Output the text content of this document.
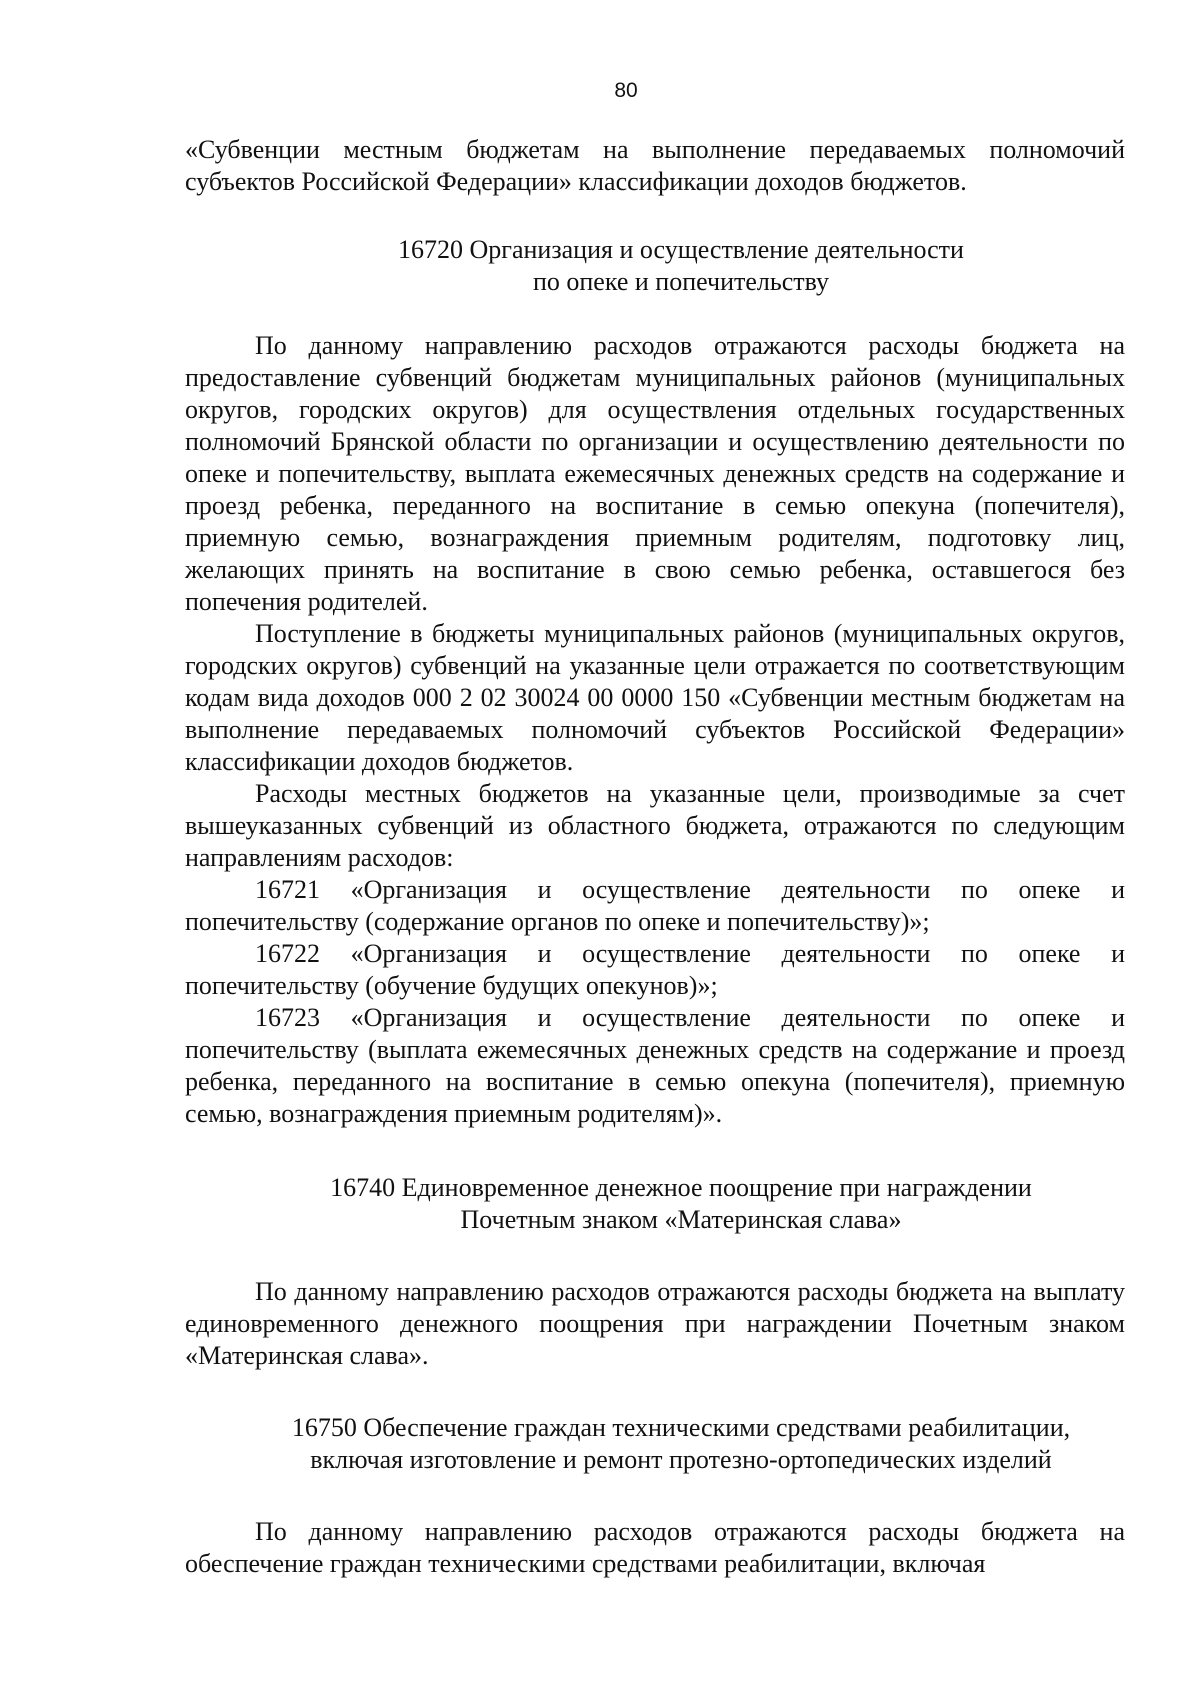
80

«Субвенции местным бюджетам на выполнение передаваемых полномочий субъектов Российской Федерации» классификации доходов бюджетов.

16720 Организация и осуществление деятельности

по опеке и попечительству

По данному направлению расходов отражаются расходы бюджета на предоставление субвенций бюджетам муниципальных районов (муниципальных округов, городских округов) для осуществления отдельных государственных полномочий Брянской области по организации и осуществлению деятельности по опеке и попечительству, выплата ежемесячных денежных средств на содержание и проезд ребенка, переданного на воспитание в семью опекуна (попечителя), приемную семью, вознаграждения приемным родителям, подготовку лиц, желающих принять на воспитание в свою семью ребенка, оставшегося без попечения родителей.

Поступление в бюджеты муниципальных районов (муниципальных округов, городских округов) субвенций на указанные цели отражается по соответствующим кодам вида доходов 000 2 02 30024 00 0000 150 «Субвенции местным бюджетам на выполнение передаваемых полномочий субъектов Российской Федерации» классификации доходов бюджетов.

Расходы местных бюджетов на указанные цели, производимые за счет вышеуказанных субвенций из областного бюджета, отражаются по следующим направлениям расходов:

16721 «Организация и осуществление деятельности по опеке и попечительству (содержание органов по опеке и попечительству)»;

16722 «Организация и осуществление деятельности по опеке и попечительству (обучение будущих опекунов)»;

16723 «Организация и осуществление деятельности по опеке и попечительству (выплата ежемесячных денежных средств на содержание и проезд ребенка, переданного на воспитание в семью опекуна (попечителя), приемную семью, вознаграждения приемным родителям)».

16740 Единовременное денежное поощрение при награждении

Почетным знаком «Материнская слава»

По данному направлению расходов отражаются расходы бюджета на выплату единовременного денежного поощрения при награждении Почетным знаком «Материнская слава».

16750 Обеспечение граждан техническими средствами реабилитации,

включая изготовление и ремонт протезно-ортопедических изделий

По данному направлению расходов отражаются расходы бюджета на обеспечение граждан техническими средствами реабилитации, включая
